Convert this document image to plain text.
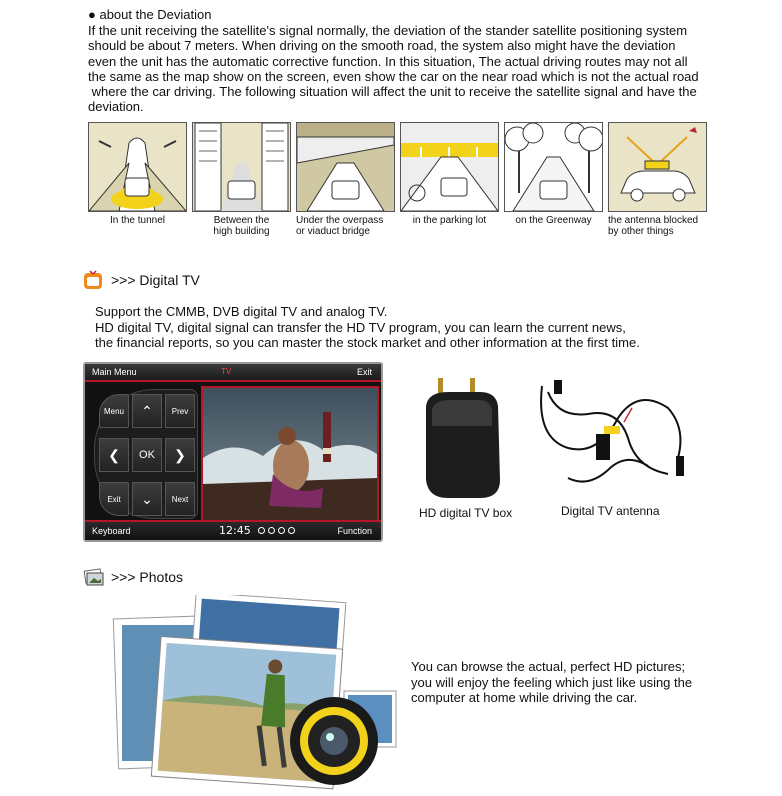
● about the Deviation
If the unit receiving the satellite's signal normally, the deviation of the stander satellite positioning system
should be about 7 meters. When driving on the smooth road, the system also might have the deviation
even the unit has the automatic corrective function. In this situation, The actual driving routes may not all
the same as the map show on the screen, even show the car on the near road which is not the actual road
where the car driving. The following situation will affect the unit to receive the satellite signal and have the
deviation.
In the tunnel	Between the
high building
Under the overpass
or viaduct bridge
in the parking lot	on the Greenway	the antenna blocked
by other things
>>> Digital TV
Support the CMMB, DVB digital TV and analog TV.
HD digital TV, digital signal can transfer the HD TV program, you can learn the current news,
the financial reports, so you can master the stock market and other information at the first time.
Main Menu	TV	Exit
Menu	⌃	Prev
❮	OK	❯
Exit	⌄	Next
Keyboard	12:45	Function
HD digital TV box	Digital TV antenna
>>> Photos
You can browse the actual, perfect HD pictures;
you will enjoy the feeling which just like using the
computer at home while driving the car.
